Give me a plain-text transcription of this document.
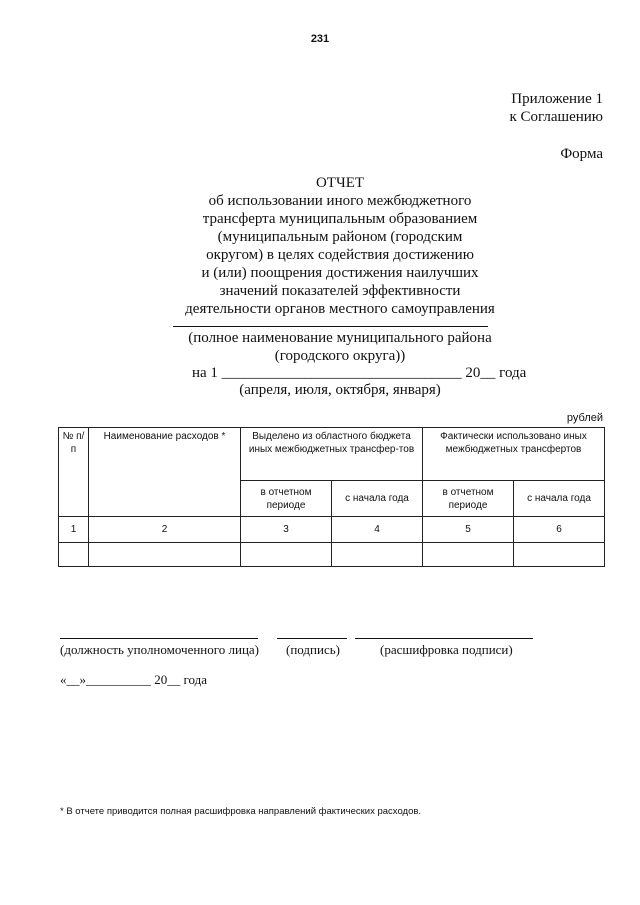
231
Приложение 1
к Соглашению
Форма
ОТЧЕТ
об использовании иного межбюджетного
трансферта муниципальным образованием
(муниципальным районом (городским
округом) в целях содействия достижению
и (или) поощрения достижения наилучших
значений показателей эффективности
деятельности органов местного самоуправления
(полное наименование муниципального района
(городского округа))
на 1 ________________________________ 20__ года
(апреля, июля, октября, января)
рублей
№ п/п	Наименование расходов *	Выделено из областного бюджета иных межбюджетных трансфер-тов		Фактически использовано иных межбюджетных трансфертов	
		в отчетном периоде	с начала года	в отчетном периоде	с начала года
1	2	3	4	5	6

(должность уполномоченного лица) (подпись)	(расшифровка подписи)
«__»__________ 20__ года
* В отчете приводится полная расшифровка направлений фактических расходов.
